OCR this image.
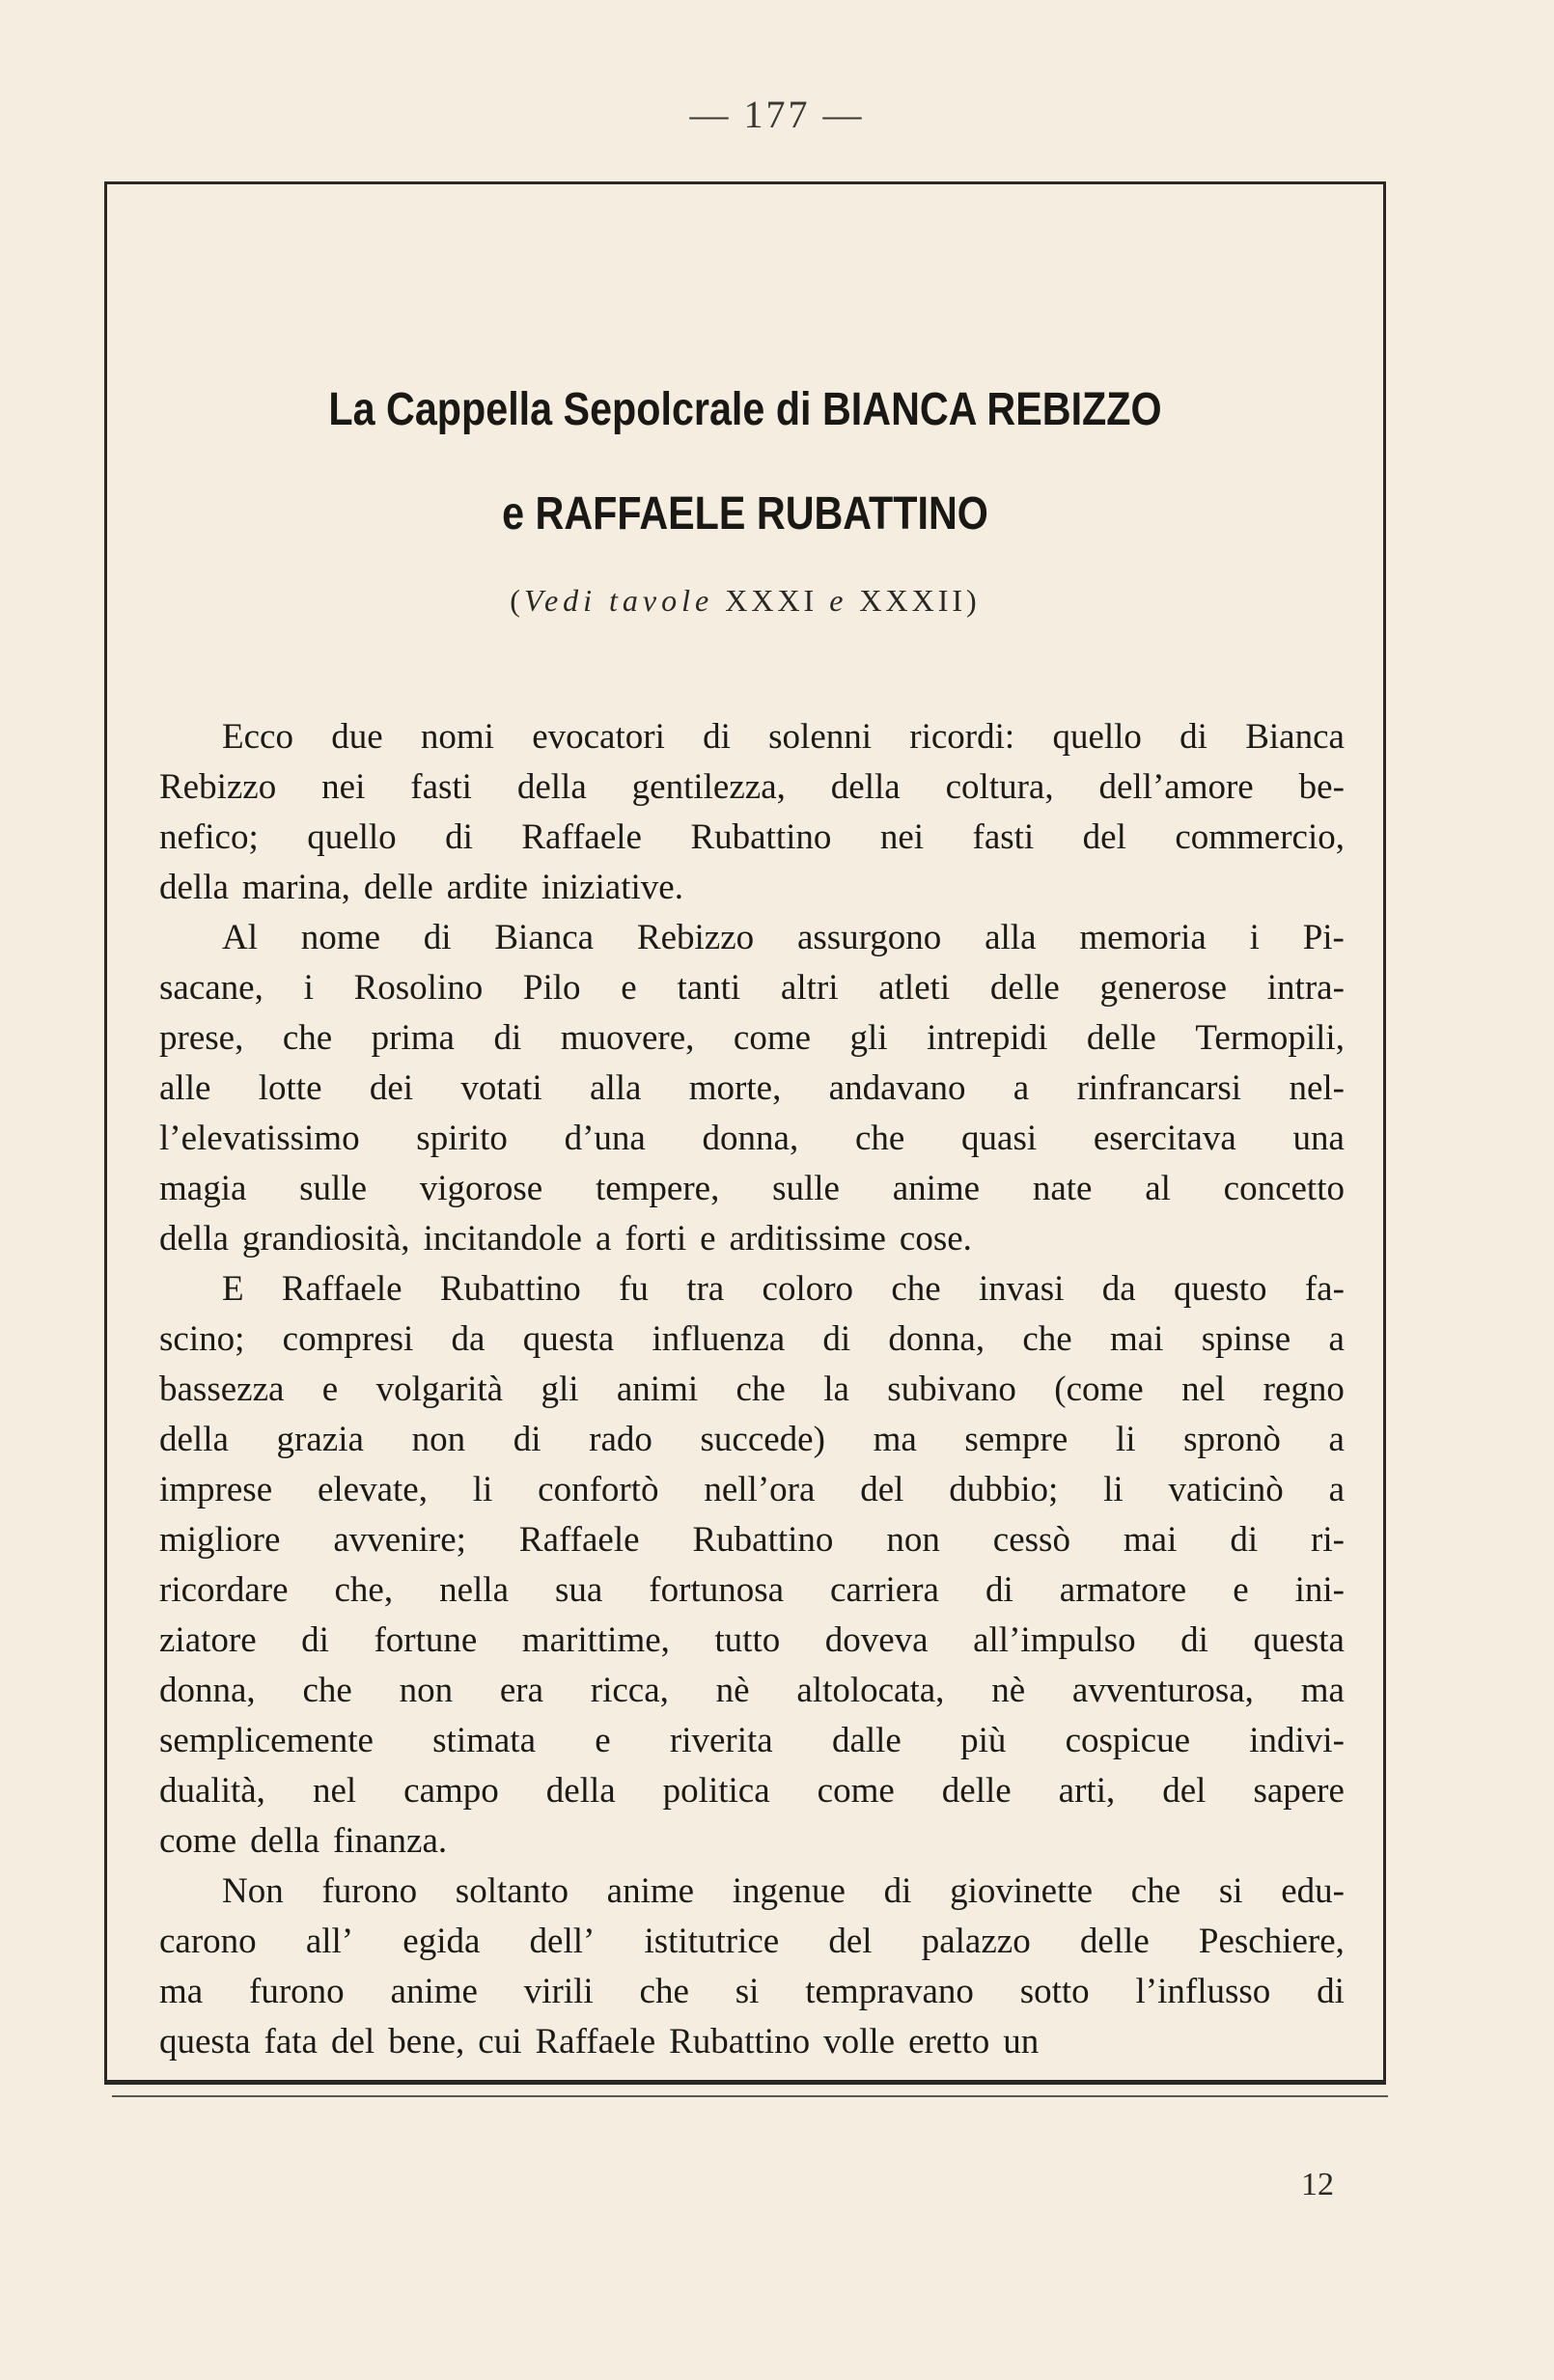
— 177 —
La Cappella Sepolcrale di BIANCA REBIZZO
e RAFFAELE RUBATTINO
(Vedi tavole XXXI e XXXII)
Ecco due nomi evocatori di solenni ricordi: quello di Bianca
Rebizzo nei fasti della gentilezza, della coltura, dell’amore be-
nefico; quello di Raffaele Rubattino nei fasti del commercio,
della marina, delle ardite iniziative.
Al nome di Bianca Rebizzo assurgono alla memoria i Pi-
sacane, i Rosolino Pilo e tanti altri atleti delle generose intra-
prese, che prima di muovere, come gli intrepidi delle Termopili,
alle lotte dei votati alla morte, andavano a rinfrancarsi nel-
l’elevatissimo spirito d’una donna, che quasi esercitava una
magia sulle vigorose tempere, sulle anime nate al concetto
della grandiosità, incitandole a forti e arditissime cose.
E Raffaele Rubattino fu tra coloro che invasi da questo fa-
scino; compresi da questa influenza di donna, che mai spinse a
bassezza e volgarità gli animi che la subivano (come nel regno
della grazia non di rado succede) ma sempre li spronò a
imprese elevate, li confortò nell’ora del dubbio; li vaticinò a
migliore avvenire; Raffaele Rubattino non cessò mai di ri-
ricordare che, nella sua fortunosa carriera di armatore e ini-
ziatore di fortune marittime, tutto doveva all’impulso di questa
donna, che non era ricca, nè altolocata, nè avventurosa, ma
semplicemente stimata e riverita dalle più cospicue indivi-
dualità, nel campo della politica come delle arti, del sapere
come della finanza.
Non furono soltanto anime ingenue di giovinette che si edu-
carono all’ egida dell’ istitutrice del palazzo delle Peschiere,
ma furono anime virili che si tempravano sotto l’influsso di
questa fata del bene, cui Raffaele Rubattino volle eretto un
12
